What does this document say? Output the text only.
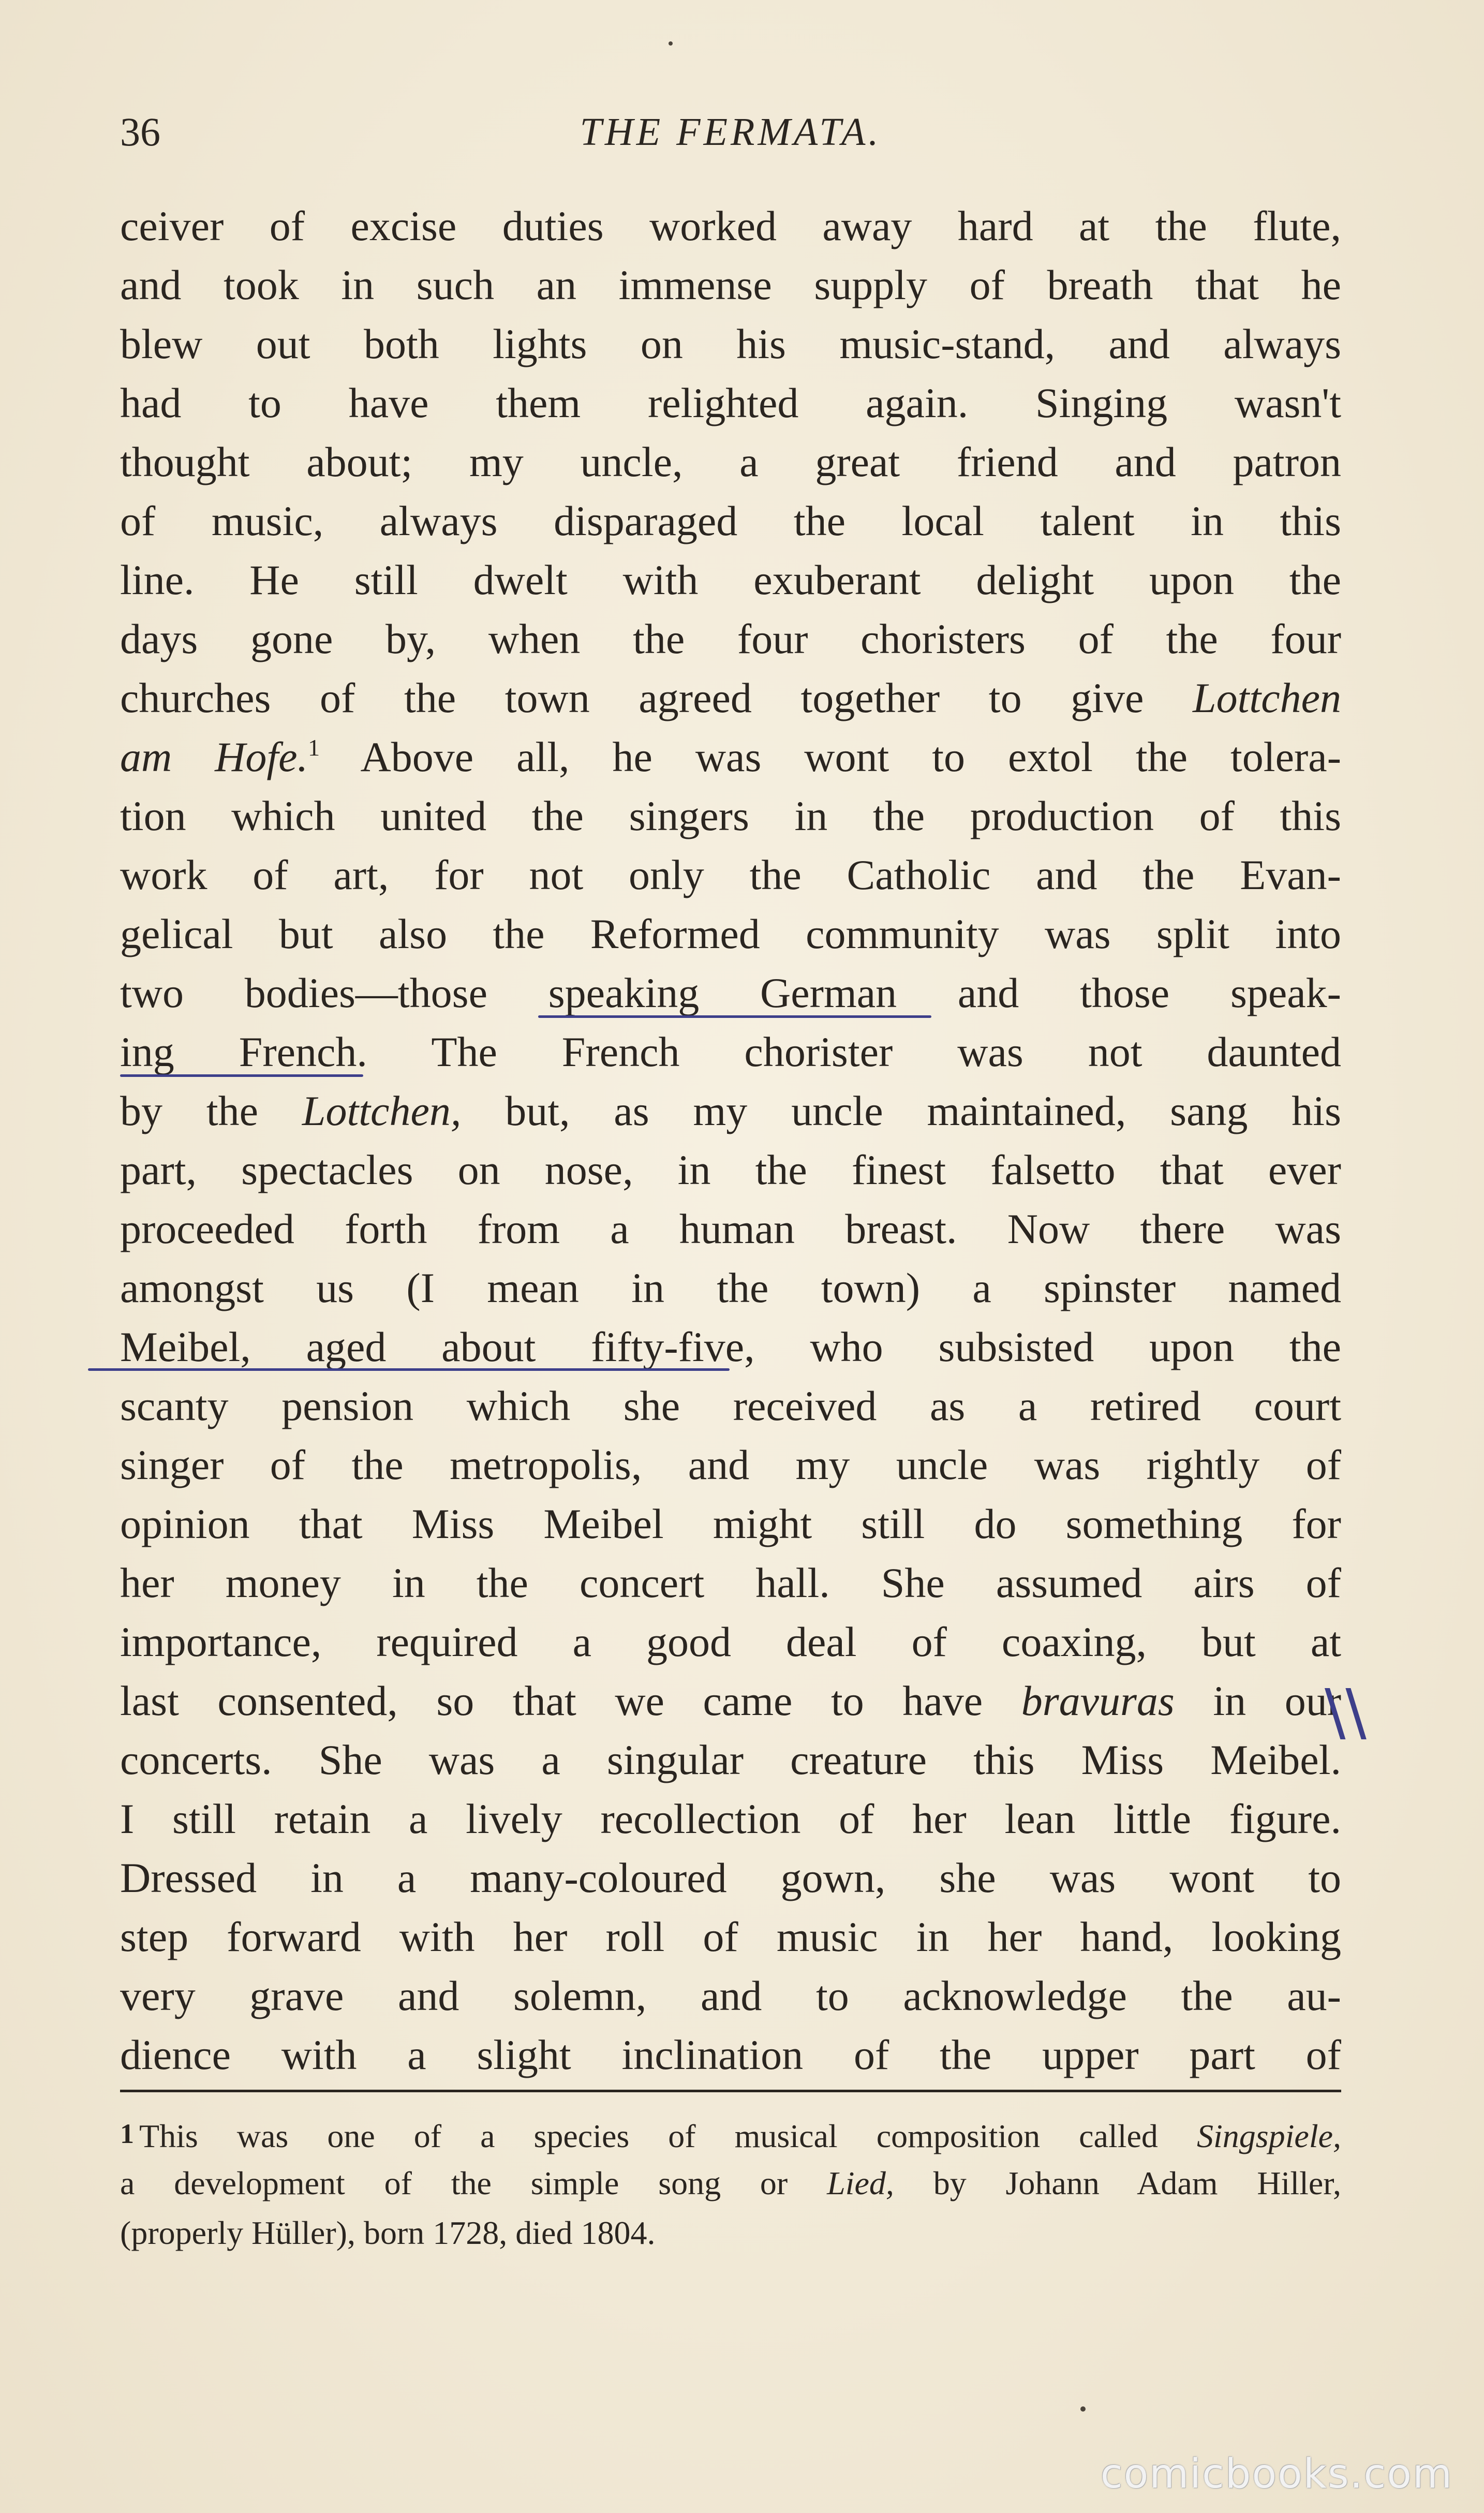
36	THE FERMATA.
ceiver of excise duties worked away hard at the flute,
and took in such an immense supply of breath that he
blew out both lights on his music-stand, and always
had to have them relighted again. Singing wasn't
thought about; my uncle, a great friend and patron
of music, always disparaged the local talent in this
line. He still dwelt with exuberant delight upon the
days gone by, when the four choristers of the four
churches of the town agreed together to give Lottchen
am Hofe.$^1$ Above all, he was wont to extol the tolera-
tion which united the singers in the production of this
work of art, for not only the Catholic and the Evan-
gelical but also the Reformed community was split into
two bodies—those speaking German and those speak-
ing French. The French chorister was not daunted
by the Lottchen, but, as my uncle maintained, sang his
part, spectacles on nose, in the finest falsetto that ever
proceeded forth from a human breast. Now there was
amongst us (I mean in the town) a spinster named
Meibel, aged about fifty-five, who subsisted upon the
scanty pension which she received as a retired court
singer of the metropolis, and my uncle was rightly of
opinion that Miss Meibel might still do something for
her money in the concert hall. She assumed airs of
importance, required a good deal of coaxing, but at
last consented, so that we came to have bravuras in our
concerts. She was a singular creature this Miss Meibel.
I still retain a lively recollection of her lean little figure.
Dressed in a many-coloured gown, she was wont to
step forward with her roll of music in her hand, looking
very grave and solemn, and to acknowledge the au-
dience with a slight inclination of the upper part of
\\
1 This was one of a species of musical composition called Singspiele,
a development of the simple song or Lied, by Johann Adam Hiller,
(properly Hüller), born 1728, died 1804.
comicbooks.com
